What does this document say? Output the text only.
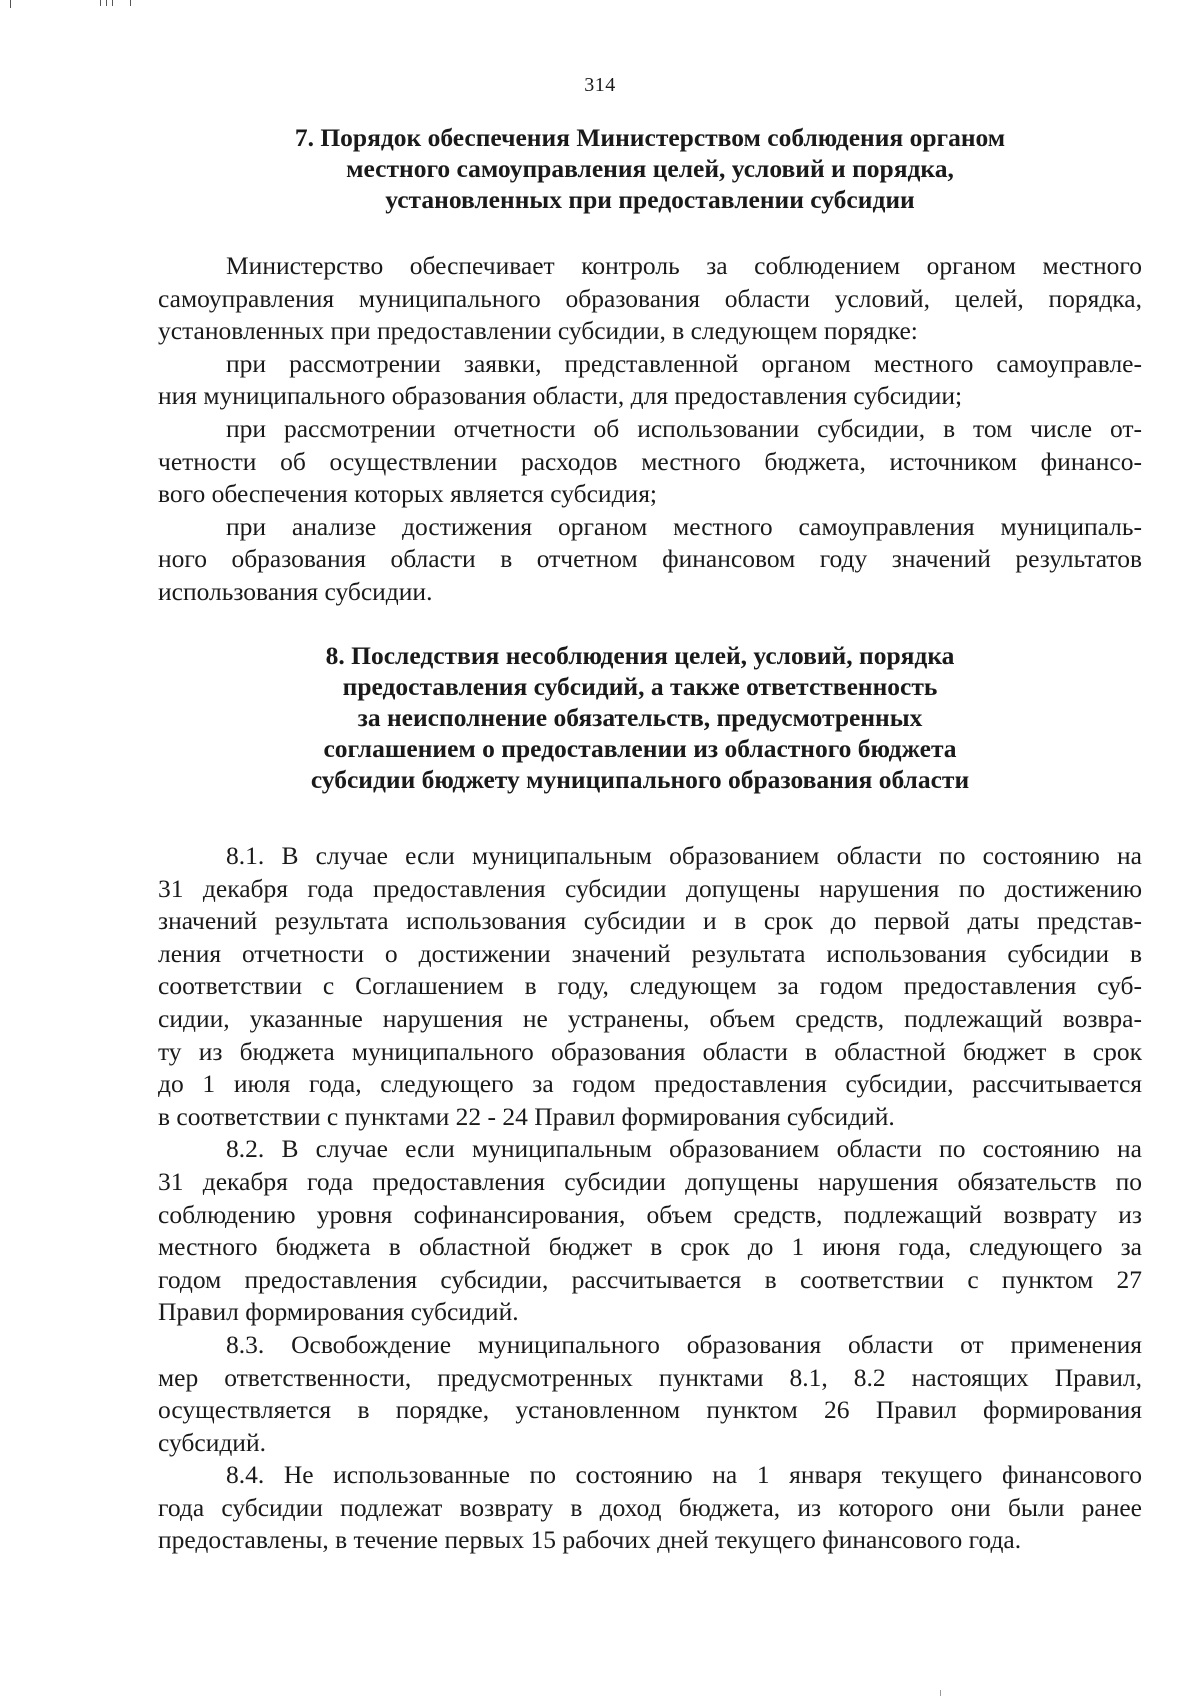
314
7. Порядок обеспечения Министерством соблюдения органом
местного самоуправления целей, условий и порядка,
установленных при предоставлении субсидии

Министерство обеспечивает контроль за соблюдением органом местного
самоуправления муниципального образования области условий, целей, порядка,
установленных при предоставлении субсидии, в следующем порядке:

при рассмотрении заявки, представленной органом местного самоуправле-
ния муниципального образования области, для предоставления субсидии;

при рассмотрении отчетности об использовании субсидии, в том числе от-
четности об осуществлении расходов местного бюджета, источником финансо-
вого обеспечения которых является субсидия;

при анализе достижения органом местного самоуправления муниципаль-
ного образования области в отчетном финансовом году значений результатов
использования субсидии.

8. Последствия несоблюдения целей, условий, порядка
предоставления субсидий, а также ответственность
за неисполнение обязательств, предусмотренных
соглашением о предоставлении из областного бюджета
субсидии бюджету муниципального образования области

8.1. В случае если муниципальным образованием области по состоянию на
31 декабря года предоставления субсидии допущены нарушения по достижению
значений результата использования субсидии и в срок до первой даты представ-
ления отчетности о достижении значений результата использования субсидии в
соответствии с Соглашением в году, следующем за годом предоставления суб-
сидии, указанные нарушения не устранены, объем средств, подлежащий возвра-
ту из бюджета муниципального образования области в областной бюджет в срок
до 1 июля года, следующего за годом предоставления субсидии, рассчитывается
в соответствии с пунктами 22 - 24 Правил формирования субсидий.

8.2. В случае если муниципальным образованием области по состоянию на
31 декабря года предоставления субсидии допущены нарушения обязательств по
соблюдению уровня софинансирования, объем средств, подлежащий возврату из
местного бюджета в областной бюджет в срок до 1 июня года, следующего за
годом предоставления субсидии, рассчитывается в соответствии с пунктом 27
Правил формирования субсидий.

8.3. Освобождение муниципального образования области от применения
мер ответственности, предусмотренных пунктами 8.1, 8.2 настоящих Правил,
осуществляется в порядке, установленном пунктом 26 Правил формирования
субсидий.

8.4. Не использованные по состоянию на 1 января текущего финансового
года субсидии подлежат возврату в доход бюджета, из которого они были ранее
предоставлены, в течение первых 15 рабочих дней текущего финансового года.
